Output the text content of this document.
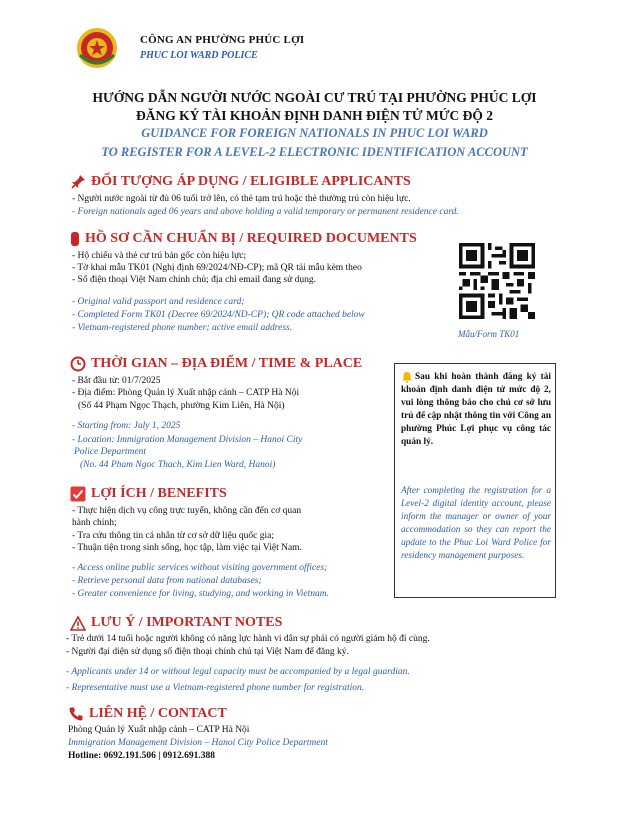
CÔNG AN PHƯỜNG PHÚC LỢI
PHUC LOI WARD POLICE
HƯỚNG DẪN NGƯỜI NƯỚC NGOÀI CƯ TRÚ TẠI PHƯỜNG PHÚC LỢI
ĐĂNG KÝ TÀI KHOẢN ĐỊNH DANH ĐIỆN TỬ MỨC ĐỘ 2
GUIDANCE FOR FOREIGN NATIONALS IN PHUC LOI WARD
TO REGISTER FOR A LEVEL-2 ELECTRONIC IDENTIFICATION ACCOUNT
ĐỐI TƯỢNG ÁP DỤNG / ELIGIBLE APPLICANTS
- Người nước ngoài từ đủ 06 tuổi trở lên, có thẻ tạm trú hoặc thẻ thường trú còn hiệu lực.
- Foreign nationals aged 06 years and above holding a valid temporary or permanent residence card.
HỒ SƠ CẦN CHUẨN BỊ / REQUIRED DOCUMENTS
- Hộ chiếu và thẻ cư trú bản gốc còn hiệu lực;
- Tờ khai mẫu TK01 (Nghị định 69/2024/NĐ-CP); mã QR tải mẫu kèm theo
- Số điện thoại Việt Nam chính chủ; địa chỉ email đang sử dụng.
- Original valid passport and residence card;
- Completed Form TK01 (Decree 69/2024/ND-CP); QR code attached below
- Vietnam-registered phone number; active email address.
Mẫu/Form TK01
THỜI GIAN – ĐỊA ĐIỂM / TIME & PLACE
- Bắt đầu từ: 01/7/2025
- Địa điểm: Phòng Quản lý Xuất nhập cảnh – CATP Hà Nội
(Số 44 Phạm Ngọc Thạch, phường Kim Liên, Hà Nội)
- Starting from: July 1, 2025
- Location: Immigration Management Division – Hanoi City
Police Department
(No. 44 Pham Ngoc Thach, Kim Lien Ward, Hanoi)
Sau khi hoàn thành đăng ký tài khoản định danh điện tử mức độ 2, vui lòng thông báo cho chủ cơ sở lưu trú để cập nhật thông tin với Công an phường Phúc Lợi phục vụ công tác quản lý.
After completing the registration for a Level-2 digital identity account, please inform the manager or owner of your accommodation so they can report the update to the Phuc Loi Ward Police for residency management purposes.
LỢI ÍCH / BENEFITS
- Thực hiện dịch vụ công trực tuyến, không cần đến cơ quan
hành chính;
- Tra cứu thông tin cá nhân từ cơ sở dữ liệu quốc gia;
- Thuận tiện trong sinh sống, học tập, làm việc tại Việt Nam.
- Access online public services without visiting government offices;
- Retrieve personal data from national databases;
- Greater convenience for living, studying, and working in Vietnam.
LƯU Ý / IMPORTANT NOTES
- Trẻ dưới 14 tuổi hoặc người không có năng lực hành vi dân sự phải có người giám hộ đi cùng.
- Người đại diện sử dụng số điện thoại chính chủ tại Việt Nam để đăng ký.
- Applicants under 14 or without legal capacity must be accompanied by a legal guardian.
- Representative must use a Vietnam-registered phone number for registration.
LIÊN HỆ / CONTACT
Phòng Quản lý Xuất nhập cảnh – CATP Hà Nội
Immigration Management Division – Hanoi City Police Department
Hotline: 0692.191.506 | 0912.691.388
